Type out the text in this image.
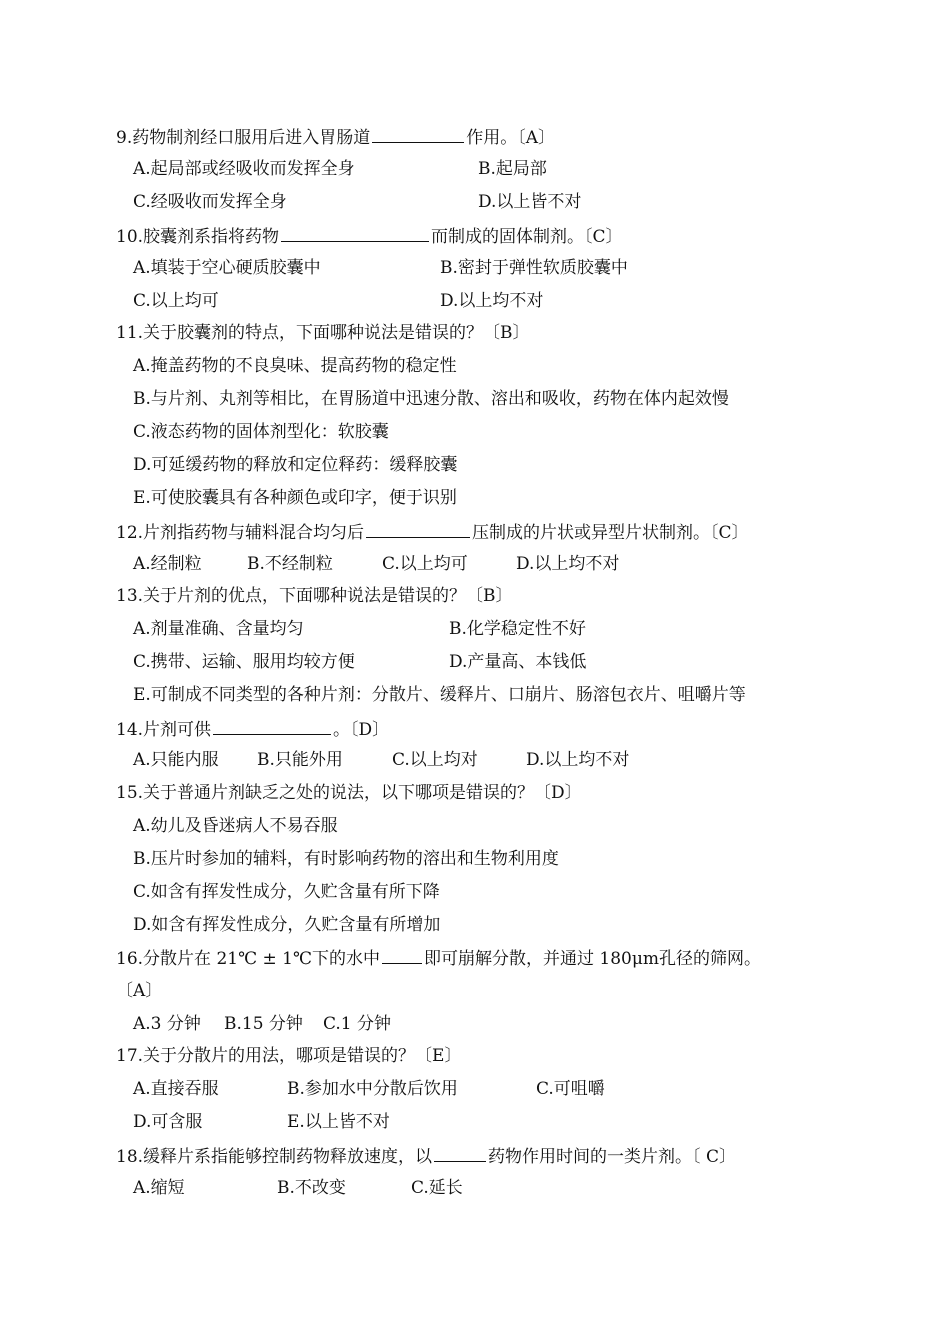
9.药物制剂经口服用后进入胃肠道	作用。〔A〕
A.起局部或经吸收而发挥全身	B.起局部
C.经吸收而发挥全身	D.以上皆不对
10.胶囊剂系指将药物	而制成的固体制剂。〔C〕
A.填装于空心硬质胶囊中	B.密封于弹性软质胶囊中
C.以上均可	D.以上均不对
11.关于胶囊剂的特点，下面哪种说法是错误的？〔B〕
A.掩盖药物的不良臭味、提高药物的稳定性
B.与片剂、丸剂等相比，在胃肠道中迅速分散、溶出和吸收，药物在体内起效慢
C.液态药物的固体剂型化：软胶囊
D.可延缓药物的释放和定位释药：缓释胶囊
E.可使胶囊具有各种颜色或印字，便于识别
12.片剂指药物与辅料混合均匀后	压制成的片状或异型片状制剂。〔C〕
A.经制粒	B.不经制粒	C.以上均可	D.以上均不对
13.关于片剂的优点，下面哪种说法是错误的？〔B〕
A.剂量准确、含量均匀	B.化学稳定性不好
C.携带、运输、服用均较方便	D.产量高、本钱低
E.可制成不同类型的各种片剂：分散片、缓释片、口崩片、肠溶包衣片、咀嚼片等
14.片剂可供	。〔D〕
A.只能内服 B.只能外用	C.以上均对	D.以上均不对
15.关于普通片剂缺乏之处的说法，以下哪项是错误的？〔D〕
A.幼儿及昏迷病人不易吞服
B.压片时参加的辅料，有时影响药物的溶出和生物利用度
C.如含有挥发性成分，久贮含量有所下降
D.如含有挥发性成分，久贮含量有所增加
16.分散片在 21℃ ± 1℃下的水中	即可崩解分散，并通过 180μm孔径的筛网。
〔A〕
A.3 分钟 B.15 分钟 C.1 分钟
17.关于分散片的用法，哪项是错误的？〔E〕
A.直接吞服	B.参加水中分散后饮用	C.可咀嚼
D.可含服	E.以上皆不对
18.缓释片系指能够控制药物释放速度，以	药物作用时间的一类片剂。〔 C〕
A.缩短	B.不改变	C.延长
